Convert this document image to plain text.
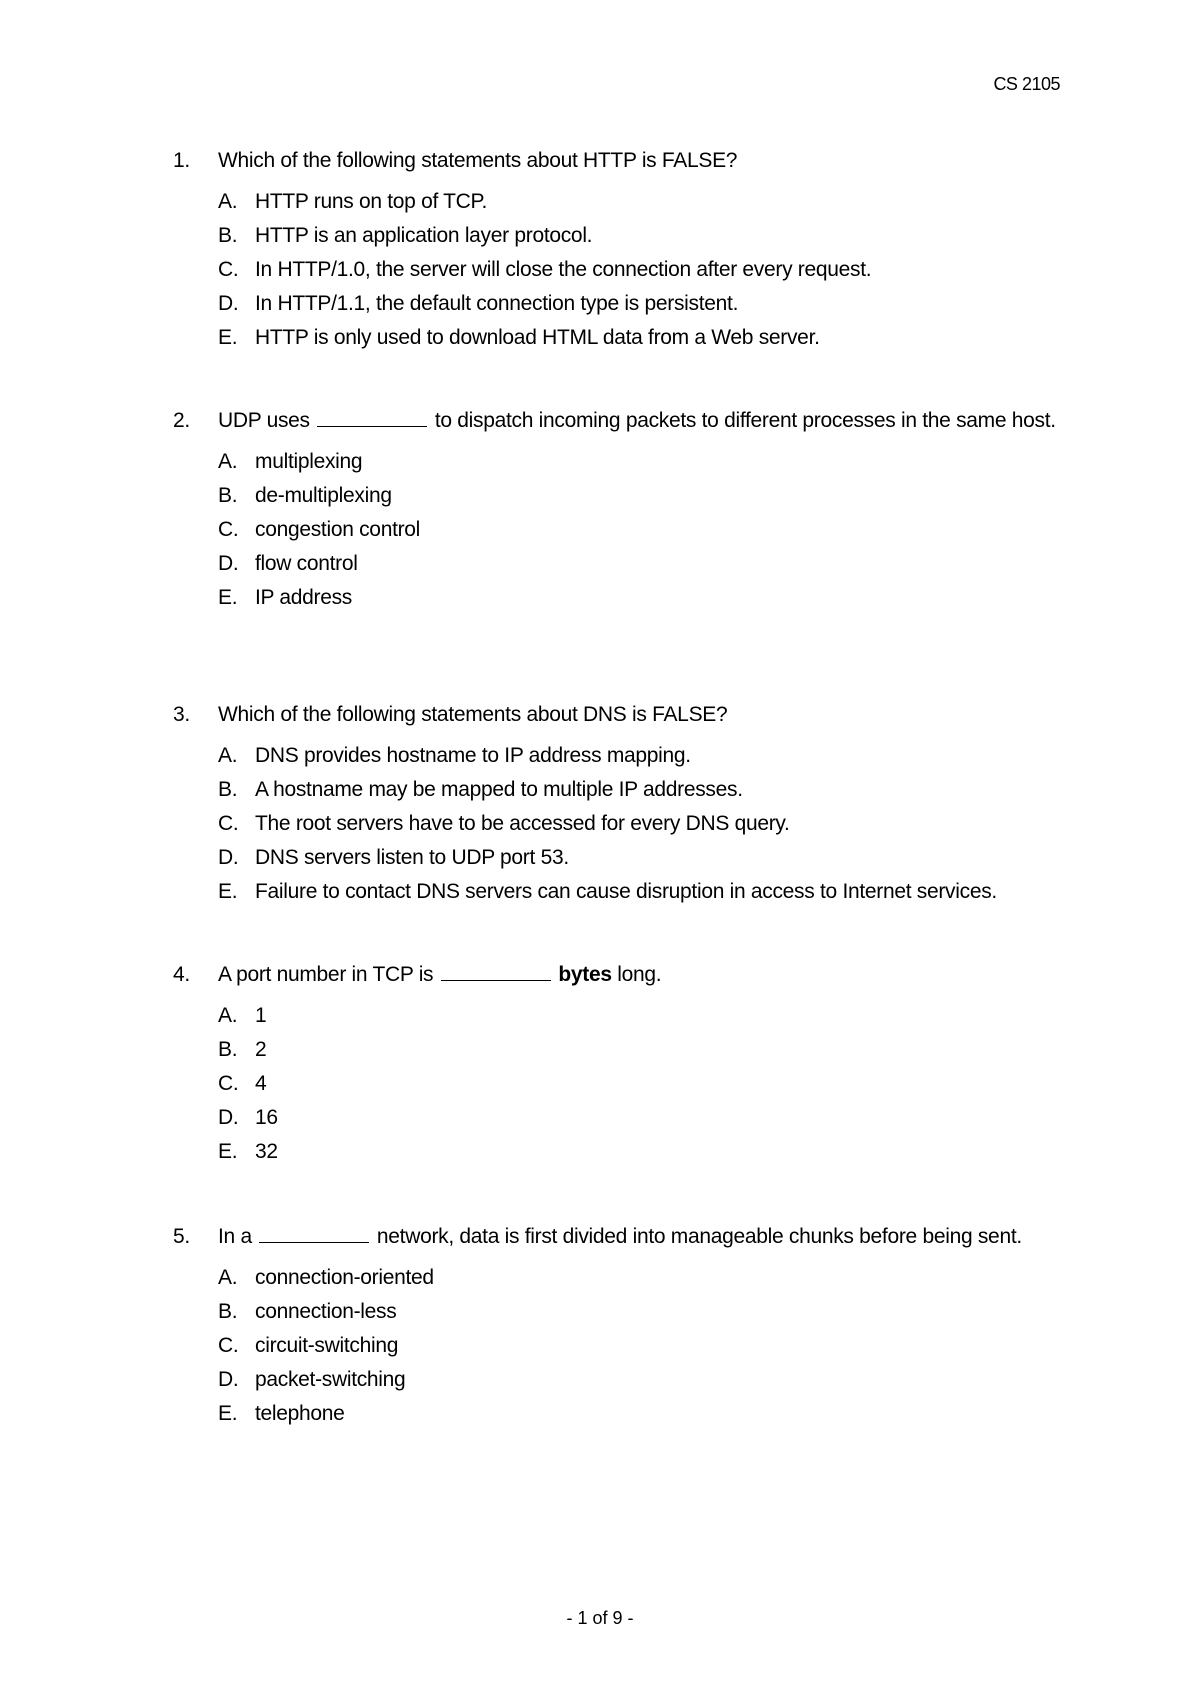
CS 2105
1.	Which of the following statements about HTTP is FALSE?
A. HTTP runs on top of TCP.
B. HTTP is an application layer protocol.
C. In HTTP/1.0, the server will close the connection after every request.
D. In HTTP/1.1, the default connection type is persistent.
E. HTTP is only used to download HTML data from a Web server.
2.	UDP uses	to dispatch incoming packets to different processes in the same host.
A. multiplexing
B. de-multiplexing
C. congestion control
D. flow control
E. IP address
3.	Which of the following statements about DNS is FALSE?
A. DNS provides hostname to IP address mapping.
B. A hostname may be mapped to multiple IP addresses.
C. The root servers have to be accessed for every DNS query.
D. DNS servers listen to UDP port 53.
E. Failure to contact DNS servers can cause disruption in access to Internet services.
4.	A port number in TCP is	bytes long.
A. 1
B. 2
C. 4
D. 16
E. 32
5.	In a	network, data is first divided into manageable chunks before being sent.
A. connection-oriented
B. connection-less
C. circuit-switching
D. packet-switching
E. telephone
- 1 of 9 -
